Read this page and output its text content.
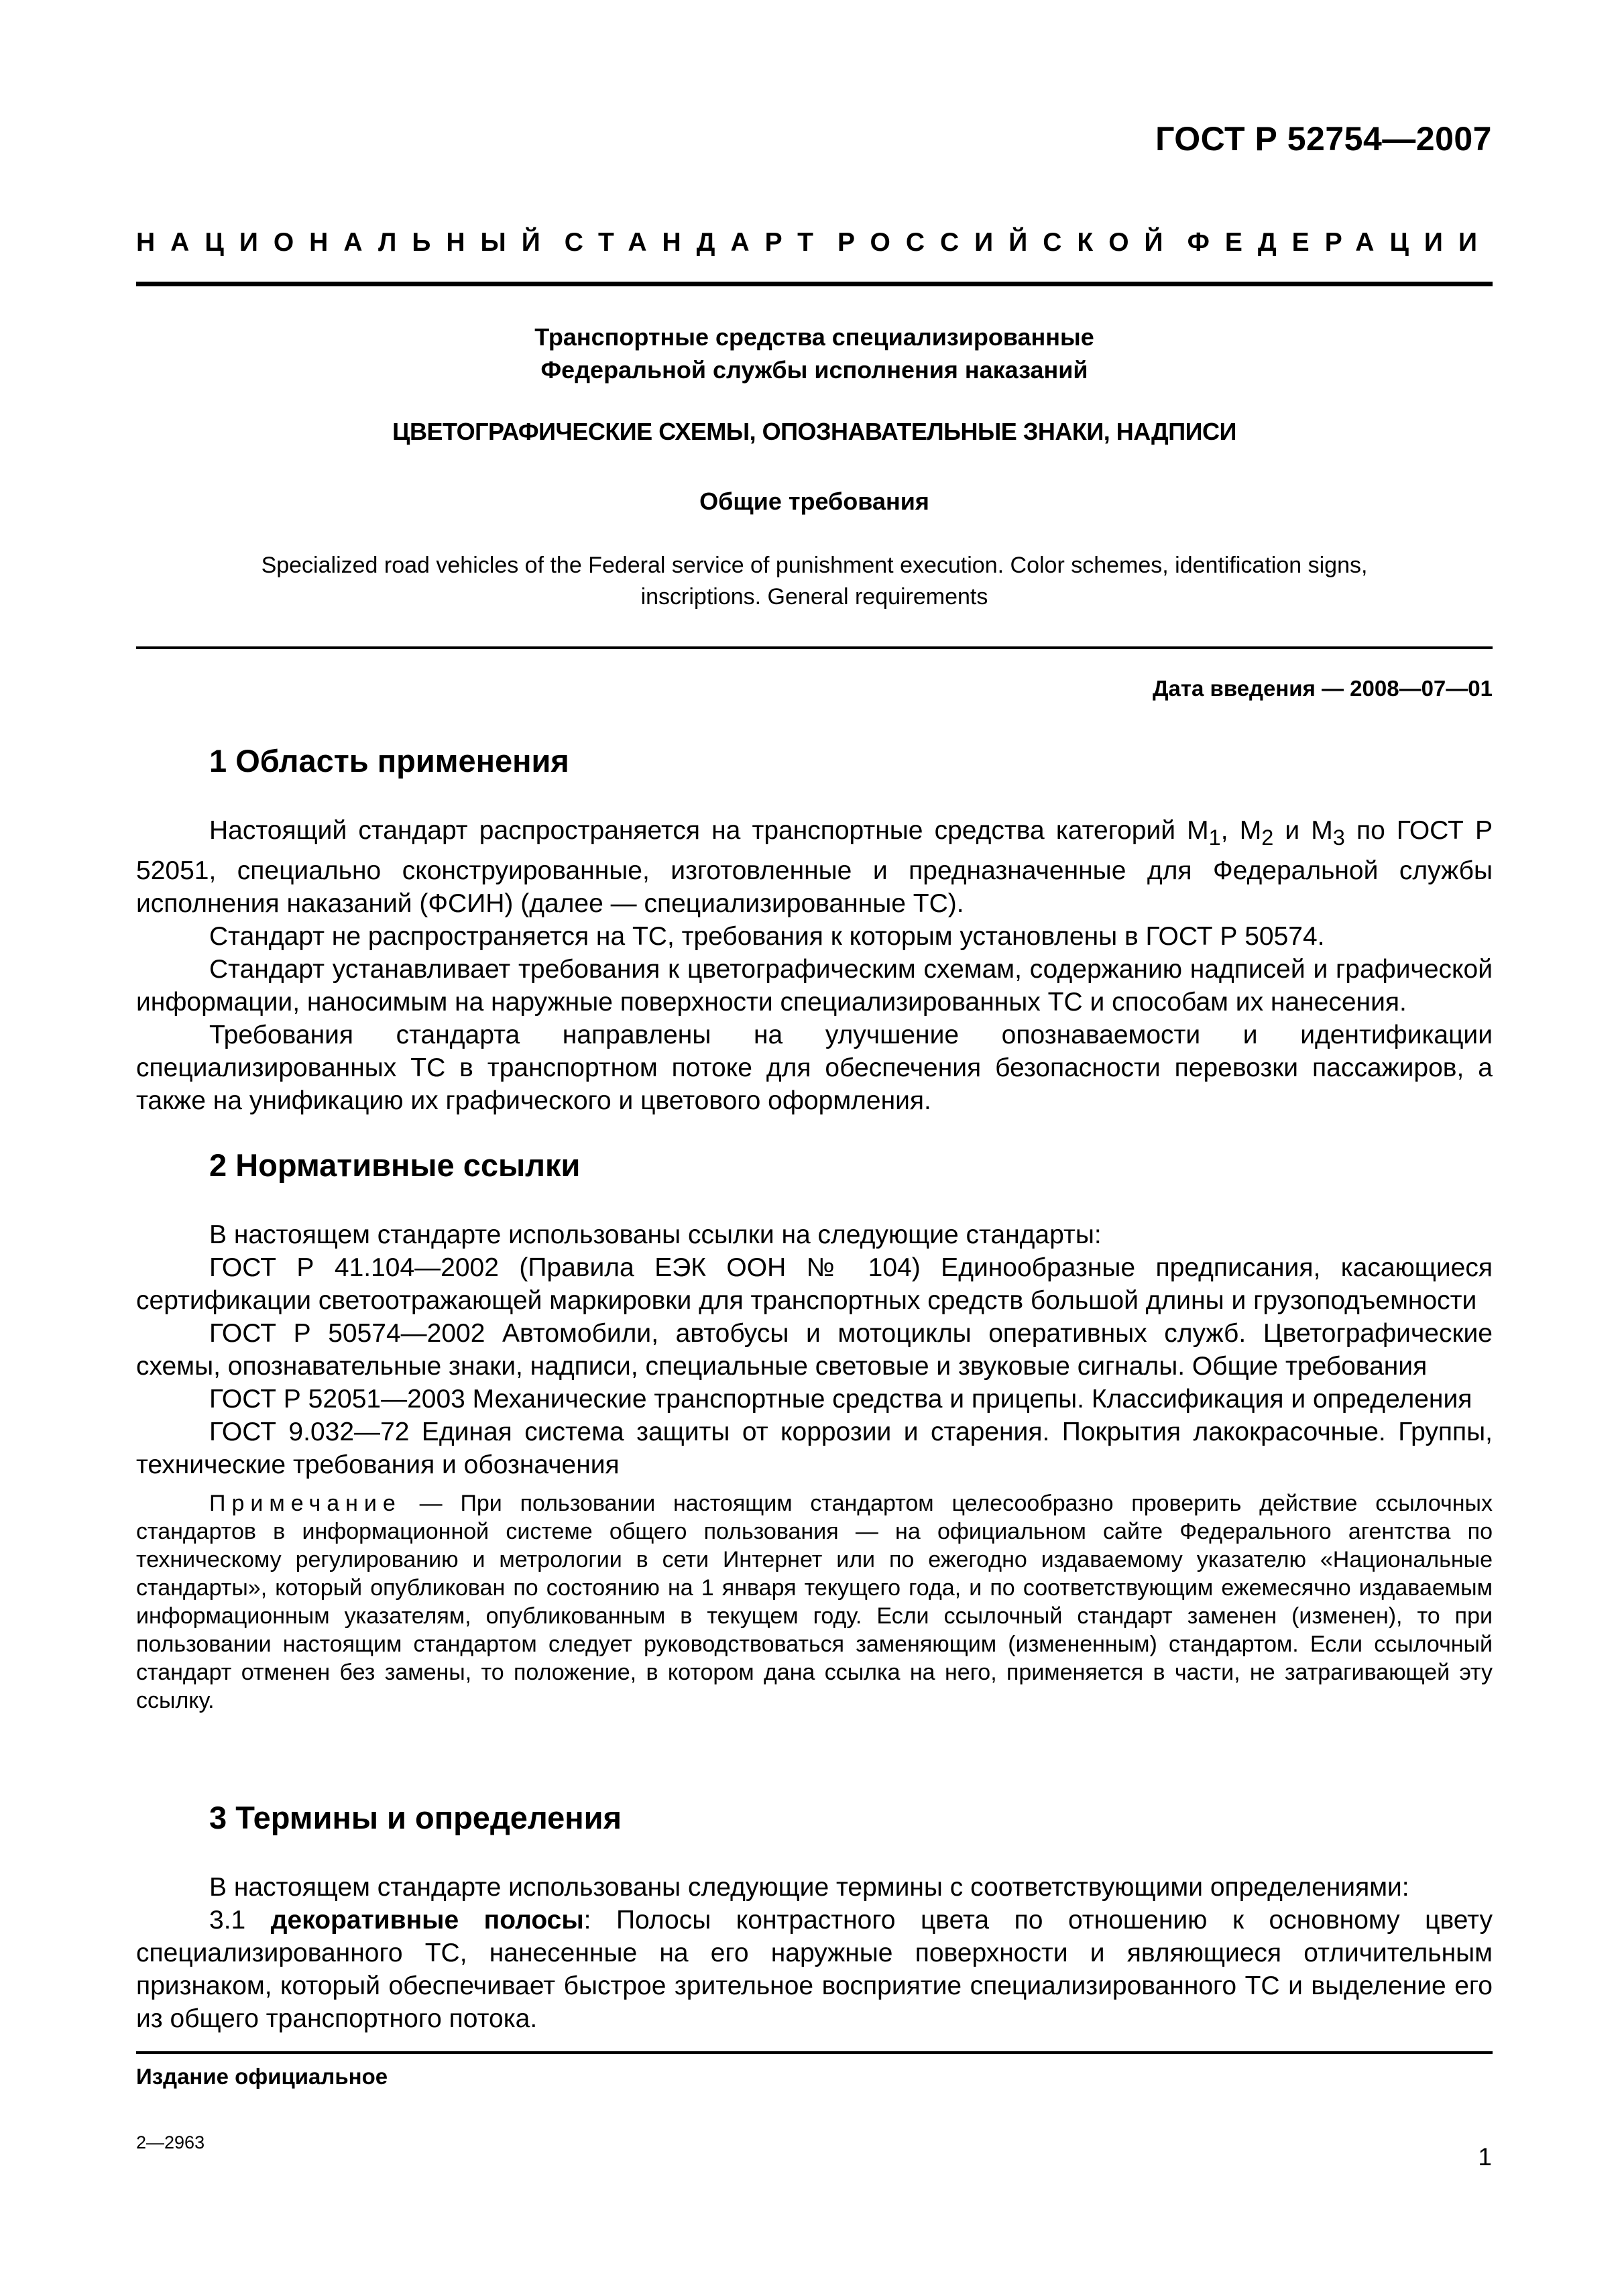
ГОСТ Р 52754—2007
НАЦИОНАЛЬНЫЙ СТАНДАРТ РОССИЙСКОЙ ФЕДЕРАЦИИ
Транспортные средства специализированные
Федеральной службы исполнения наказаний
ЦВЕТОГРАФИЧЕСКИЕ СХЕМЫ, ОПОЗНАВАТЕЛЬНЫЕ ЗНАКИ, НАДПИСИ
Общие требования
Specialized road vehicles of the Federal service of punishment execution. Color schemes, identification signs,
inscriptions. General requirements
Дата введения — 2008—07—01
1 Область применения

Настоящий стандарт распространяется на транспортные средства категорий $М_1$, $М_2$ и $М_3$ по ГОСТ Р 52051, специально сконструированные, изготовленные и предназначенные для Федеральной службы исполнения наказаний (ФСИН) (далее — специализированные ТС).

Стандарт не распространяется на ТС, требования к которым установлены в ГОСТ Р 50574.

Стандарт устанавливает требования к цветографическим схемам, содержанию надписей и графической информации, наносимым на наружные поверхности специализированных ТС и способам их нанесения.

Требования стандарта направлены на улучшение опознаваемости и идентификации специализированных ТС в транспортном потоке для обеспечения безопасности перевозки пассажиров, а также на унификацию их графического и цветового оформления.

2 Нормативные ссылки

В настоящем стандарте использованы ссылки на следующие стандарты:

ГОСТ Р 41.104—2002 (Правила ЕЭК ООН № 104) Единообразные предписания, касающиеся сертификации светоотражающей маркировки для транспортных средств большой длины и грузоподъемности

ГОСТ Р 50574—2002 Автомобили, автобусы и мотоциклы оперативных служб. Цветографические схемы, опознавательные знаки, надписи, специальные световые и звуковые сигналы. Общие требования

ГОСТ Р 52051—2003 Механические транспортные средства и прицепы. Классификация и определения

ГОСТ 9.032—72 Единая система защиты от коррозии и старения. Покрытия лакокрасочные. Группы, технические требования и обозначения

Примечание — При пользовании настоящим стандартом целесообразно проверить действие ссылочных стандартов в информационной системе общего пользования — на официальном сайте Федерального агентства по техническому регулированию и метрологии в сети Интернет или по ежегодно издаваемому указателю «Национальные стандарты», который опубликован по состоянию на 1 января текущего года, и по соответствующим ежемесячно издаваемым информационным указателям, опубликованным в текущем году. Если ссылочный стандарт заменен (изменен), то при пользовании настоящим стандартом следует руководствоваться заменяющим (измененным) стандартом. Если ссылочный стандарт отменен без замены, то положение, в котором дана ссылка на него, применяется в части, не затрагивающей эту ссылку.

3 Термины и определения

В настоящем стандарте использованы следующие термины с соответствующими определениями:

3.1 декоративные полосы: Полосы контрастного цвета по отношению к основному цвету специализированного ТС, нанесенные на его наружные поверхности и являющиеся отличительным признаком, который обеспечивает быстрое зрительное восприятие специализированного ТС и выделение его из общего транспортного потока.

Издание официальное
2—2963
1
